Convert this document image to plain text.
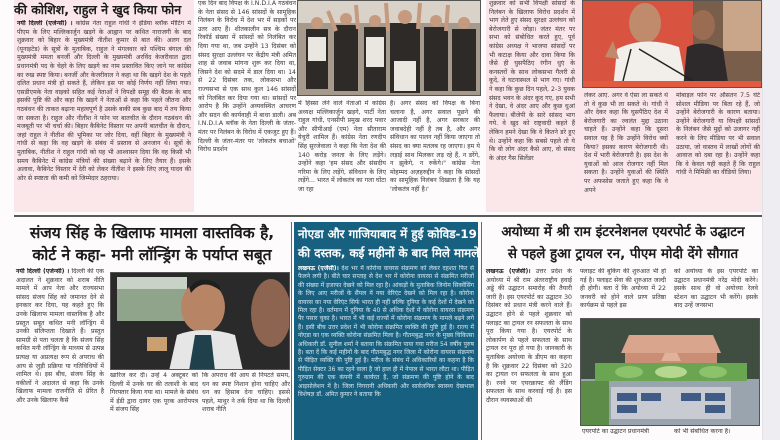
की कोशिश, राहुल ने खुद किया फोन
नयी दिल्ली (एजेन्सी) । कांग्रेस नेता राहुल गांधी ने इंडिया ब्लॉक मीटिंग में पीएम के लिए मल्लिकार्जुन खड़गे के आह्वान पर कथित नाराजगी के बाद शुक्रवार को बिहार के मुख्यमंत्री नीतीश कुमार से बात की। अलग दल (यूनाइटेड) के सूत्रों के मुताबिक, राहुल ने मंगलवार को पश्चिम बंगाल की मुख्यमंत्री ममता बनर्जी और दिल्ली के मुख्यमंत्री अरविंद केजरीवाल द्वारा प्रधानमंत्री पद के चेहरे के लिए खड़गे का नाम प्रस्तावित किए जाने पर कांग्रेस का रुख स्पष्ट किया। बनर्जी और केजरीवाल ने कहा था कि खड़गे देश के पहले दलित प्रधान मंत्री हो सकते हैं, लेकिन इस पर कोई निर्णय नहीं लिया गया। एसडीएमके नेता वाइको सहित कई नेताओं ने विपक्षी समूह की बैठक के बाद इसकी पुष्टि की और कहा कि खड़गे ने नेताओं से कहा कि पहले जीतना और गठबंधन की ताकत बढ़ाना महत्वपूर्ण है उसके बाकी सब कुछ बाद में तय किया जा सकता है। राहुल और नीतीश ने फोन पर बातचीत के दौरान गठबंधन की मजबूती पर भी चर्चा की। बिहार कैबिनेट विस्तार पर अपनी बातचीत के दौरान, जहां राहुल ने नीतीश की भूमिका पर जोर दिया, वहीं बिहार के मुख्यमंत्री ने गांधी से कहा कि वह खड़गे के संबंध में प्रस्ताव से अनजान थे। सूत्रों के मुताबिक, नीतीश ने राहुल गांधी को यह भी आश्वासन दिया कि वह किसी भी समय कैबिनेट में कांग्रेस मंत्रियों की संख्या बढ़ाने के लिए तैयार हैं। इसके अलावा, कैबिनेट विस्तार में देरी को लेकर नीतीश ने इसके लिए लालू यादव की ओर से स्पष्टता की कमी को जिम्मेदार ठहराया।
एक दिन बाद विपक्ष के I.N.D.I.A गठबंधन के नेता संसद से 146 सांसदों के सामूहिक निलंबन के विरोध में देश भर में सड़कों पर उतर आए हैं। शीतकालीन सत्र के दौरान रिकॉर्ड संख्या में सांसदों को निलंबित कर दिया गया था, जब उन्होंने 13 दिसंबर को संसद सुरक्षा उल्लंघन पर केंद्रीय मंत्री अमित शाह से जवाब मांगना शुरू कर दिया था, जिसने देश को सदमे में डाल दिया था। 14 से 22 दिसंबर तक, लोकसभा और राज्यसभा से एक साथ कुल 146 सांसदों को निलंबित कर दिया गया था। सांसदों पर आरोप है कि उन्होंने अव्यवस्थित आचरण और सदन की कार्यवाही में बाधा डाली। अब I.N.D.I.A ब्लॉक के नेता दिल्ली के जंतर-मंतर पर निलंबन के विरोध में एकजुट हुए हैं। दिल्ली के जंतर-मंतर पर 'लोकतंत्र बचाओ' विरोध प्रदर्शन
में हिस्सा लेने वाले नेताओं में कांग्रेस अध्यक्ष मल्लिकार्जुन खड़गे, पार्टी नेता राहुल गांधी, एनसीपी प्रमुख शरद पवार और सीपीआई (एम) नेता सीताराम येचुरी शामिल हैं। कांग्रेस नेता रणदीप सिंह सुरजेवाला ने कहा कि नेता देश की 140 करोड़ जनता के लिए लड़ेंगे। उन्होंने कहा 'हम संसद और संसदीय गरिमा के लिए लड़ेंगे, संविधान के लिए लड़ेंगे... भारत में लोकतंत्र का गला घोंटा जा रहा
है। अगर संसद को विपक्ष के बिना चलाना है, अगर सवाल पूछने की आजादी नहीं है, अगर सरकार की जवाबदेही नहीं है तब है, और अगर संविधान का पालन नहीं किया जाएगा तो संसद का क्या मतलब रह जाएगा। हम ये लड़ाई साथ मिलकर लड़ रहे हैं, न डरेंगे, न झुकेंगे, न रुकेंगे।" कांग्रेस नेता मोहम्मद अज़हरुद्दीन ने कहा कि सांसदों का सामूहिक निलंबन दिखाता है कि यह 'लोकतंत्र नहीं है।'
शुक्रवार को सभी विपक्षी सांसदों के निलंबन के खिलाफ विरोध प्रदर्शन में भाग लेते हुए संसद सुरक्षा उल्लंघन को बेरोजगारी से जोड़ा। जंतर मंतर पर सभा को संबोधित करते हुए, पूर्व कांग्रेस अध्यक्ष ने भाजपा सांसदों पर भी कटाक्ष किया और दावा किया कि जैसे ही घुसपैठिए रंगीन धुएं के कनस्तरों के साथ लोकसभा गैलरी से कूदे, वे घटनास्थल से भाग गए। गांधी ने कहा कि कुछ दिन पहले, 2-3 युवक संसद भवन के अंदर कूद गए, हम सभी ने देखा, वे अंदर आए और कुछ धुआं फैलाया। बीजेपी के सारे सांसद भाग गये. वे खुद को राष्ट्रवादी कहते हैं लेकिन हमने देखा कि वे कितने डरे हुए थे। उन्होंने कहा कि सबसे पहले तो ये कि वो लोग अंदर कैसे आए, वो संसद के अंदर गैस सिलेंडर
लेकर आए. अगर वे ऐसा ला सकते थे तो वे कुछ भी ला सकते थे। गांधी ने और देकर कहा कि घुसपैठिए देश में बेरोजगारी का ज्वलंत मुद्दा उठाना चाहते हैं। उन्होंने कहा कि दूसरा सवाल यह है कि उन्होंने विरोध क्यों किया? इसका कारण बेरोजगारी थी। देश में भारी बेरोजगारी है। इस देश के युवाओं को आज रोजगार नहीं मिल सकता है। उन्होंने युवाओं की स्थिति पर अफसोस जताते हुए कहा कि वे अपने
मोबाइल फोन पर औसतन 7.5 घंटे सोशल मीडिया पर बिता रहे हैं, जो उन्होंने बेरोजगारी के कारण बताया। उन्होंने बेरोजगारी या विपक्षी सांसदों के निलंबन जैसे मुद्दों को उजागर नहीं करने के लिए मीडिया पर भी सवाल उठाया, जो वास्तव में लाखों लोगों की आवाज को दबा रहा है। उन्होंने कहा कि वे केवल यही कहते हैं कि राहुल गांधी ने मिमिक्री का वीडियो लिया।
संजय सिंह के खिलाफ मामला वास्तविक है,
कोर्ट ने कहा- मनी लॉन्ड्रिंग के पर्याप्त सबूत
नयी दिल्ली (एजेन्सी) । दिल्ली की एक अदालत ने शुक्रवार को शराब नीति मामले में आप नेता और राज्यसभा सांसद संजय सिंह को जमानत देने से इनकार कर दिया, यह कहते हुए कि उनके खिलाफ मामला वास्तविक है और प्रस्तुत सबूत कथित मनी लॉन्ड्रिंग में उनकी संलिप्तता दिखाते हैं। प्रस्तुत सामग्री से पता चलता है कि संजय सिंह कथित मनी लॉन्ड्रिंग के माध्यम से उत्पन्न प्रत्यक्ष या अप्रत्यक्ष रूप से अपराध की आय से जुड़ी प्रक्रिया या गतिविधियों में शामिल थे। इस बीच, संजय सिंह के वकीलों ने अदालत से कहा कि उनके खिलाफ मामला राजनीति से प्रेरित है और उनके खिलाफ कैसे
खारिज कर दी। उन्हें 4 अक्टूबर को दिल्ली में उनके घर की तलाशी के बाद गिरफ्तार किया गया था। मामले के संबंध में ईडी द्वारा दायर एक पूरक आरोपपत्र में संजय सिंह
कि अपराध की आय से निपटते समय, धन का स्पष्ट निशान होना चाहिए और धन का हिसाब देना चाहिए। इससे पहले, माथुर ने तर्क दिया था कि दिल्ली शराब नीति
नोएडा और गाजियाबाद में हुई कोविड-19
की दस्तक, कई महीनों के बाद मिले मामले
लखनऊ (एजेंसी)। देश भर में कोरोना वायरस संक्रमण को लेकर दहशत फिर से फैलने लगी है। बीते चार सप्ताह से देश भर में कोरोना वायरस से संक्रमित मरीजों की संख्या में इजाफा देखने को मिल रहा है। आंकड़ों के मुताबिक जिनोम सिक्वेंसिंग के लिए आए मरीजों के सैंपल में नया वेरिएंट देखने को मिल रहा है। कोरोना वायरस का नया वेरिएंट सिर्फ भारत ही नहीं बल्कि दुनिया के कई देशों में देखने को मिल रहा है। वर्तमान में दुनिया के 40 से अधिक देशों में कोरोना वायरस संक्रमण पैर पसार चुका है। भारत में भी कई राज्यों में कोरोना संक्रमण के मामले बढ़ने लगे हैं। इसी बीच उत्तर प्रदेश में भी कोरोना संक्रमित व्यक्ति की पुष्टि हुई है। राज्य में नोएडा का एक व्यक्ति कोरोना संक्रमित मिला है। गौतमबुद्ध नगर के मुख्य चिकित्सा अधिकारी डॉ. सुनील शर्मा ने बताया कि संक्रमित पाया गया मरीज 54 वर्षीय पुरुष है। बता दें कि कई महीनों के बाद गौतमबुद्ध नगर जिला में कोरोना वायरस संक्रमण से पीड़ित व्यक्ति की पुष्टि हुई है। मरीज के संबंध में अधिकारियों का कहना है कि पीड़ित सेक्टर 36 का रहने वाला है जो हाल ही में नेपाल से भारत लौटा था। पीड़ित गुरुग्राम की एक कंपनी में कार्यरत है, जो संक्रमण की पुष्टि होने के बाद आइसोलेशन में है। जिला निगरानी अधिकारी और सार्वजनिक स्वास्थ्य देखभाल विशेषज्ञ डॉ. अमित कुमार ने बताया कि
अयोध्या में श्री राम इंटरनेशनल एयरपोर्ट के उद्घाटन
से पहले हुआ ट्रायल रन, पीएम मोदी देंगे सौगात
लखनऊ (एजेंसी)। उत्तर प्रदेश के अयोध्या में श्री राम अंतरराष्ट्रीय हवाई अड्डे की उद्घाटन समारोह की तैयारी जारी है। इस एयरपोर्ट का उद्घाटन 30 दिसंबर को प्रधान मंत्री करने वाले हैं। उद्घाटन होने से पहले शुक्रवार को फ्लाइट का ट्रायल रन सफलता के साथ पूरा किया गया है। एयरपोर्ट के लोकार्पण से पहले सफलता के साथ ट्रायल रन पूरा हो गया है। जानकारी के मुताबिक अयोध्या के डीएम का कहना है कि शुक्रवार 22 दिसंबर को 320 का ट्रायल रन सफलता के साथ हुआ है। रनवे पर एयरक्राफ्ट की लैंडिंग सफलता के साथ करवाई गई है। इस दौरान व्यवस्थाओं की
फ्लाइट की बुकिंग की शुरुआत भी हो गई है। फ्लाइट सेवा की शुरुआत जल्दी ही होगी। बता दें कि अयोध्या में 22 जनवरी को होने वाले प्राण प्रतिष्ठा कार्यक्रम से पहले इस
को अयोध्या के इस एयरपोर्ट का उद्घाटन प्रधानमंत्री नरेंद्र मोदी करेंगे। इसके साथ ही वो अयोध्या रेलवे स्टेशन का उद्घाटन भी करेंगे। इसके बाद उन्हें जनसभा
एयरपोर्ट का उद्घाटन प्रधानमंत्री	को भी संबोधित करना है।
